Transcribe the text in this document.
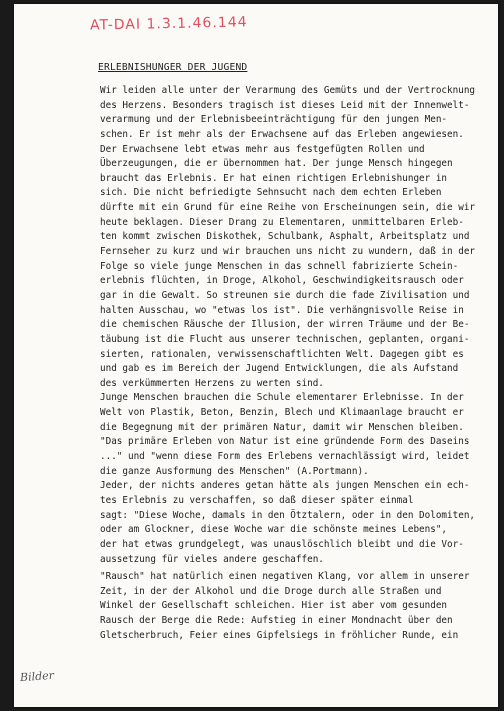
AT-DAI 1.3.1.46.144
ERLEBNISHUNGER DER JUGEND
Wir leiden alle unter der Verarmung des Gemüts und der Vertrocknung
des Herzens. Besonders tragisch ist dieses Leid mit der Innenwelt-
verarmung und der Erlebnisbeeinträchtigung für den jungen Men-
schen. Er ist mehr als der Erwachsene auf das Erleben angewiesen.
Der Erwachsene lebt etwas mehr aus festgefügten Rollen und
Überzeugungen, die er übernommen hat. Der junge Mensch hingegen
braucht das Erlebnis. Er hat einen richtigen Erlebnishunger in
sich. Die nicht befriedigte Sehnsucht nach dem echten Erleben
dürfte mit ein Grund für eine Reihe von Erscheinungen sein, die wir
heute beklagen. Dieser Drang zu Elementaren, unmittelbaren Erleb-
ten kommt zwischen Diskothek, Schulbank, Asphalt, Arbeitsplatz und
Fernseher zu kurz und wir brauchen uns nicht zu wundern, daß in der
Folge so viele junge Menschen in das schnell fabrizierte Schein-
erlebnis flüchten, in Droge, Alkohol, Geschwindigkeitsrausch oder
gar in die Gewalt. So streunen sie durch die fade Zivilisation und
halten Ausschau, wo "etwas los ist". Die verhängnisvolle Reise in
die chemischen Räusche der Illusion, der wirren Träume und der Be-
täubung ist die Flucht aus unserer technischen, geplanten, organi-
sierten, rationalen, verwissenschaftlichten Welt. Dagegen gibt es
und gab es im Bereich der Jugend Entwicklungen, die als Aufstand
des verkümmerten Herzens zu werten sind.
Junge Menschen brauchen die Schule elementarer Erlebnisse. In der
Welt von Plastik, Beton, Benzin, Blech und Klimaanlage braucht er
die Begegnung mit der primären Natur, damit wir Menschen bleiben.
"Das primäre Erleben von Natur ist eine gründende Form des Daseins
..." und "wenn diese Form des Erlebens vernachlässigt wird, leidet
die ganze Ausformung des Menschen" (A.Portmann).
Jeder, der nichts anderes getan hätte als jungen Menschen ein ech-
tes Erlebnis zu verschaffen, so daß dieser später einmal
sagt: "Diese Woche, damals in den Ötztalern, oder in den Dolomiten,
oder am Glockner, diese Woche war die schönste meines Lebens",
der hat etwas grundgelegt, was unauslöschlich bleibt und die Vor-
aussetzung für vieles andere geschaffen.
"Rausch" hat natürlich einen negativen Klang, vor allem in unserer
Zeit, in der der Alkohol und die Droge durch alle Straßen und
Winkel der Gesellschaft schleichen. Hier ist aber vom gesunden
Rausch der Berge die Rede: Aufstieg in einer Mondnacht über den
Gletscherbruch, Feier eines Gipfelsiegs in fröhlicher Runde, ein
Bilder
